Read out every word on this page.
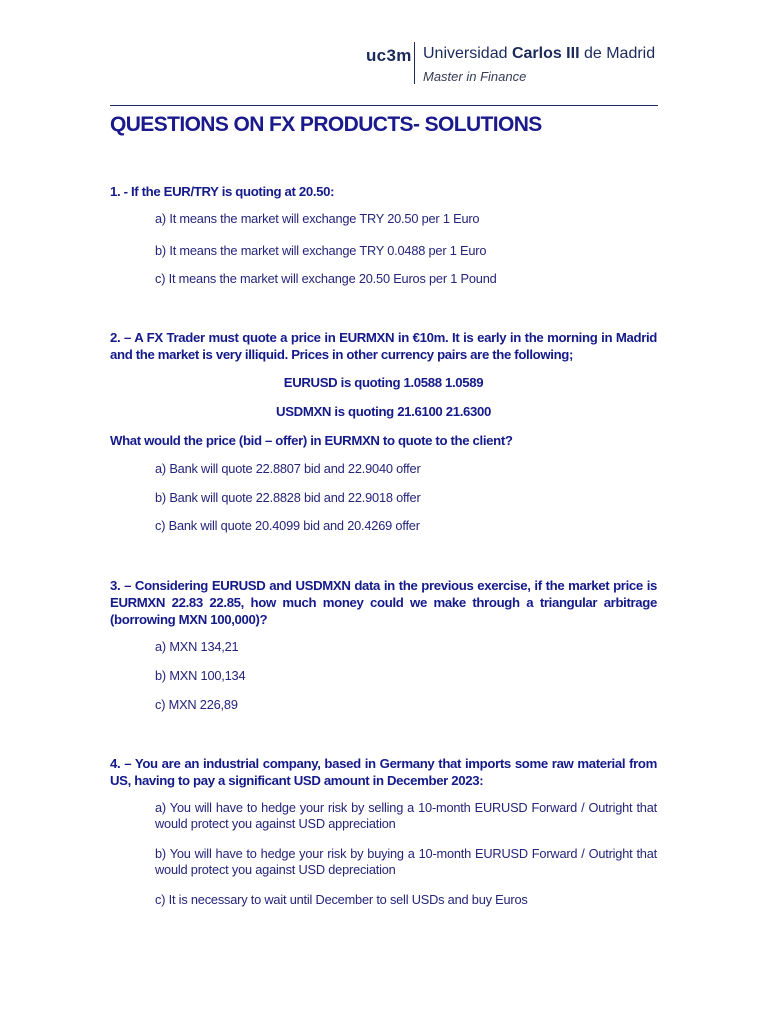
uc3m Universidad Carlos III de Madrid
Master in Finance
QUESTIONS ON FX PRODUCTS- SOLUTIONS
1. - If the EUR/TRY is quoting at 20.50:
a) It means the market will exchange TRY 20.50 per 1 Euro
b) It means the market will exchange TRY 0.0488 per 1 Euro
c) It means the market will exchange 20.50 Euros per 1 Pound
2. – A FX Trader must quote a price in EURMXN in €10m. It is early in the morning in Madrid and the market is very illiquid. Prices in other currency pairs are the following;
EURUSD is quoting 1.0588 1.0589
USDMXN is quoting 21.6100 21.6300
What would the price (bid – offer) in EURMXN to quote to the client?
a) Bank will quote 22.8807 bid and 22.9040 offer
b) Bank will quote 22.8828 bid and 22.9018 offer
c) Bank will quote 20.4099 bid and 20.4269 offer
3. – Considering EURUSD and USDMXN data in the previous exercise, if the market price is EURMXN 22.83 22.85, how much money could we make through a triangular arbitrage (borrowing MXN 100,000)?
a) MXN 134,21
b) MXN 100,134
c) MXN 226,89
4. – You are an industrial company, based in Germany that imports some raw material from US, having to pay a significant USD amount in December 2023:
a) You will have to hedge your risk by selling a 10-month EURUSD Forward / Outright that would protect you against USD appreciation
b) You will have to hedge your risk by buying a 10-month EURUSD Forward / Outright that would protect you against USD depreciation
c) It is necessary to wait until December to sell USDs and buy Euros
